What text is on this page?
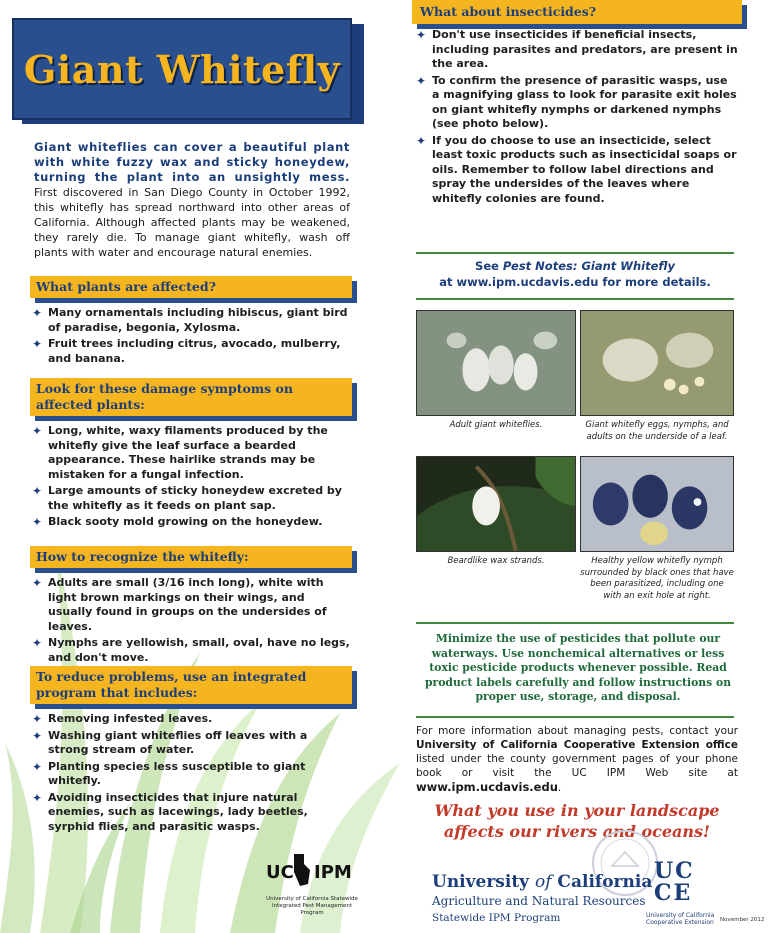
Giant Whitefly

Giant whiteflies can cover a beautiful plant with white fuzzy wax and sticky honeydew, turning the plant into an unsightly mess. First discovered in San Diego County in October 1992, this whitefly has spread northward into other areas of California. Although affected plants may be weakened, they rarely die. To manage giant whitefly, wash off plants with water and encourage natural enemies.

What plants are affected?
✦ Many ornamentals including hibiscus, giant bird of paradise, begonia, Xylosma.
✦ Fruit trees including citrus, avocado, mulberry, and banana.
Look for these damage symptoms on affected plants:
✦ Long, white, waxy filaments produced by the whitefly give the leaf surface a bearded appearance. These hairlike strands may be mistaken for a fungal infection.
✦ Large amounts of sticky honeydew excreted by the whitefly as it feeds on plant sap.
✦ Black sooty mold growing on the honeydew.
How to recognize the whitefly:
✦ Adults are small (3/16 inch long), white with light brown markings on their wings, and usually found in groups on the undersides of leaves.
✦ Nymphs are yellowish, small, oval, have no legs, and don't move.
To reduce problems, use an integrated program that includes:
✦ Removing infested leaves.
✦ Washing giant whiteflies off leaves with a strong stream of water.
✦ Planting species less susceptible to giant whitefly.
✦ Avoiding insecticides that injure natural enemies, such as lacewings, lady beetles, syrphid flies, and parasitic wasps.
UC IPM
University of California Statewide Integrated Pest Management Program
What about insecticides?
✦ Don't use insecticides if beneficial insects, including parasites and predators, are present in the area.
✦ To confirm the presence of parasitic wasps, use a magnifying glass to look for parasite exit holes on giant whitefly nymphs or darkened nymphs (see photo below).
✦ If you do choose to use an insecticide, select least toxic products such as insecticidal soaps or oils. Remember to follow label directions and spray the undersides of the leaves where whitefly colonies are found.
See Pest Notes: Giant Whitefly
at www.ipm.ucdavis.edu for more details.
Adult giant whiteflies.	Giant whitefly eggs, nymphs, and adults on the underside of a leaf.
Beardlike wax strands.	Healthy yellow whitefly nymph surrounded by black ones that have been parasitized, including one with an exit hole at right.

Minimize the use of pesticides that pollute our waterways. Use nonchemical alternatives or less toxic pesticide products whenever possible. Read product labels carefully and follow instructions on proper use, storage, and disposal.

For more information about managing pests, contact your University of California Cooperative Extension office listed under the county government pages of your phone book or visit the UC IPM Web site at www.ipm.ucdavis.edu.

What you use in your landscape affects our rivers and oceans!

University of California
Agriculture and Natural Resources
Statewide IPM Program
UC
CE
University of California Cooperative Extension	November 2012
